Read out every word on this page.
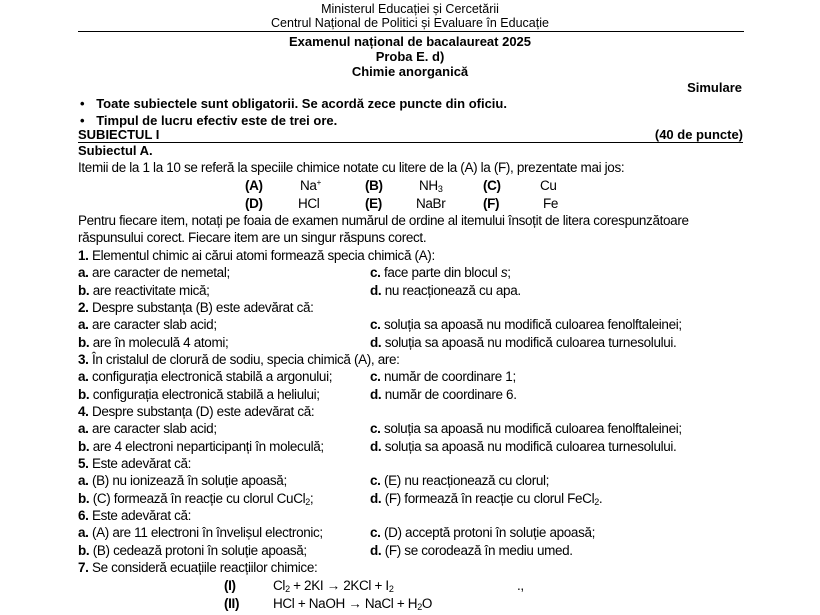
Ministerul Educației și Cercetării
Centrul Național de Politici și Evaluare în Educație
Examenul național de bacalaureat 2025
Proba E. d)
Chimie anorganică
Simulare
• Toate subiectele sunt obligatorii. Se acordă zece puncte din oficiu.
• Timpul de lucru efectiv este de trei ore.
SUBIECTUL I	(40 de puncte)
Subiectul A.
Itemii de la 1 la 10 se referă la speciile chimice notate cu litere de la (A) la (F), prezentate mai jos:
(A)	Na+	(B)	$NH_3$	(C)	Cu
(D)	HCl	(E)	NaBr	(F)	Fe
Pentru fiecare item, notați pe foaia de examen numărul de ordine al itemului însoțit de litera corespunzătoare
răspunsului corect. Fiecare item are un singur răspuns corect.
1. Elementul chimic ai cărui atomi formează specia chimică (A):
a. are caracter de nemetal;	c. face parte din blocul s;
b. are reactivitate mică;	d. nu reacționează cu apa.
2. Despre substanța (B) este adevărat că:
a. are caracter slab acid;	c. soluția sa apoasă nu modifică culoarea fenolftaleinei;
b. are în moleculă 4 atomi;	d. soluția sa apoasă nu modifică culoarea turnesolului.
3. În cristalul de clorură de sodiu, specia chimică (A), are:
a. configurația electronică stabilă a argonului;	c. număr de coordinare 1;
b. configurația electronică stabilă a heliului;	d. număr de coordinare 6.
4. Despre substanța (D) este adevărat că:
a. are caracter slab acid;	c. soluția sa apoasă nu modifică culoarea fenolftaleinei;
b. are 4 electroni neparticipanți în moleculă;	d. soluția sa apoasă nu modifică culoarea turnesolului.
5. Este adevărat că:
a. (B) nu ionizează în soluție apoasă;	c. (E) nu reacționează cu clorul;
b. (C) formează în reacție cu clorul CuCl$_2$;	d. (F) formează în reacție cu clorul FeCl$_2$.
6. Este adevărat că:
a. (A) are 11 electroni în învelișul electronic;	c. (D) acceptă protoni în soluție apoasă;
b. (B) cedează protoni în soluție apoasă;	d. (F) se corodează în mediu umed.
7. Se consideră ecuațiile reacțiilor chimice:
(I)	$Cl_2 + 2KI \to 2KCl + I_2$	.,
(II)	HCl + NaOH → NaCl + $H_2O$
